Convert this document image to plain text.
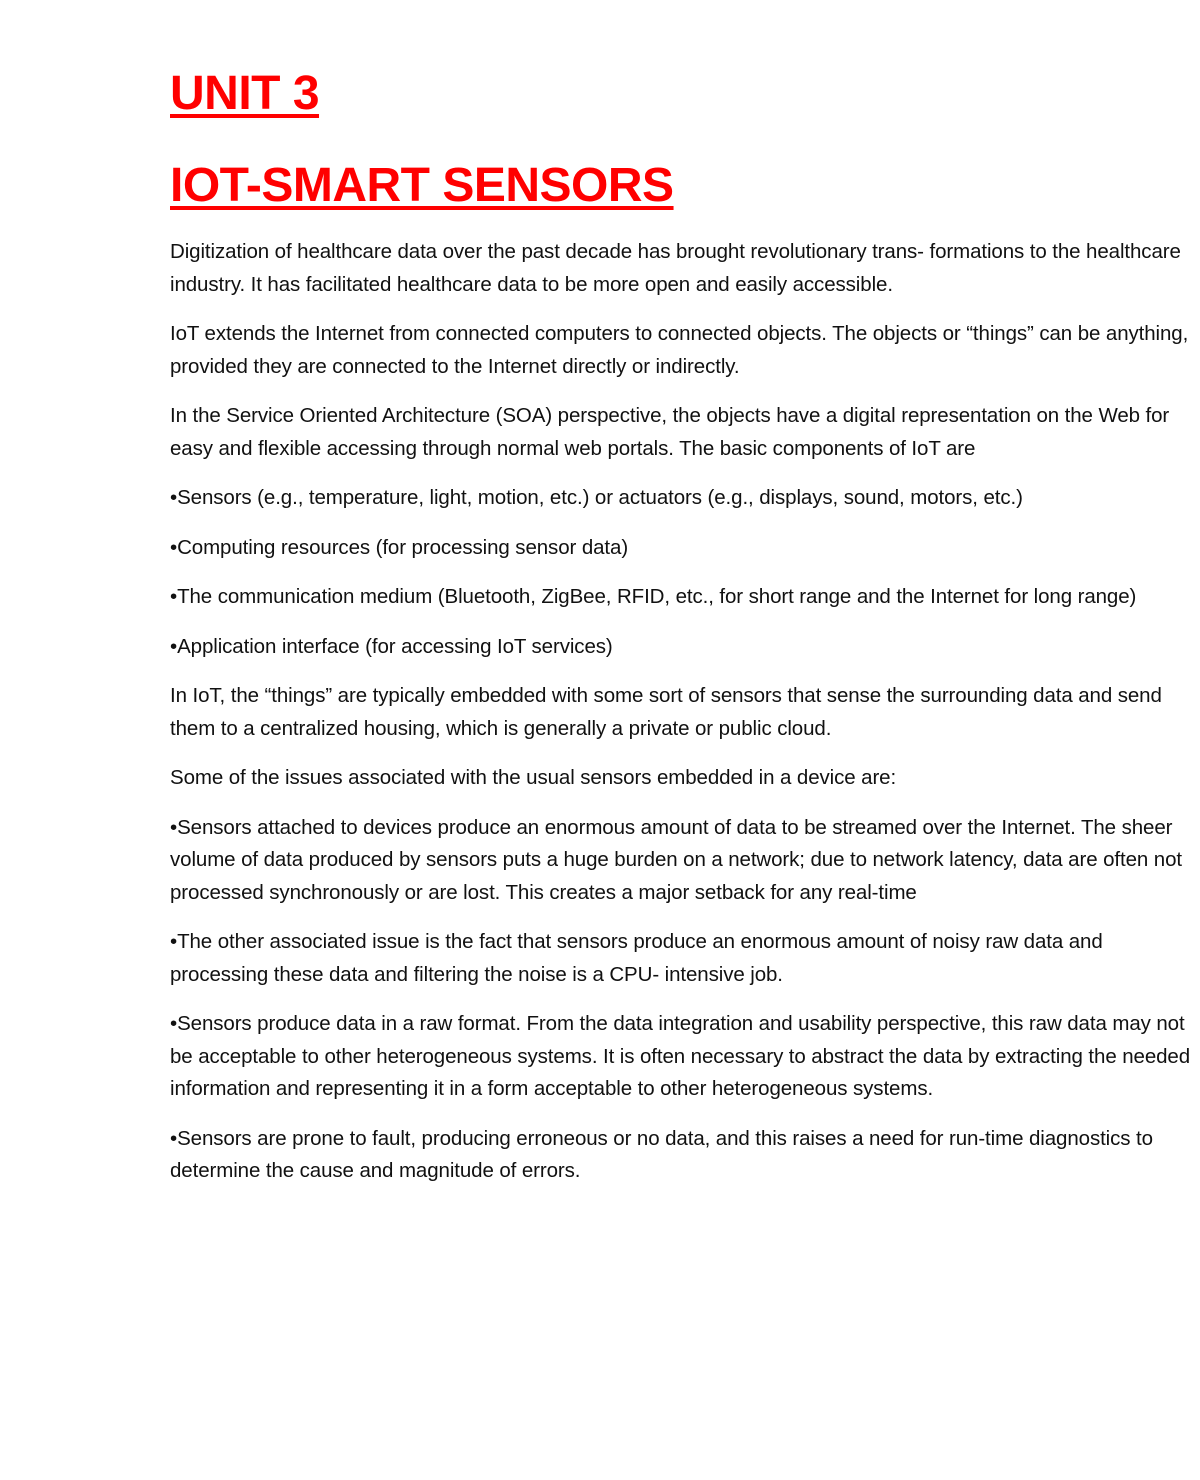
UNIT 3
IOT-SMART SENSORS

Digitization of healthcare data over the past decade has brought revolutionary trans- formations to the healthcare industry. It has facilitated healthcare data to be more open and easily accessible.

IoT extends the Internet from connected computers to connected objects. The objects or “things” can be anything, provided they are connected to the Internet directly or indirectly.

In the Service Oriented Architecture (SOA) perspective, the objects have a digital representation on the Web for easy and flexible accessing through normal web portals. The basic components of IoT are

•Sensors (e.g., temperature, light, motion, etc.) or actuators (e.g., displays, sound, motors, etc.)

•Computing resources (for processing sensor data)

•The communication medium (Bluetooth, ZigBee, RFID, etc., for short range and the Internet for long range)

•Application interface (for accessing IoT services)

In IoT, the “things” are typically embedded with some sort of sensors that sense the surrounding data and send them to a centralized housing, which is generally a private or public cloud.

Some of the issues associated with the usual sensors embedded in a device are:

•Sensors attached to devices produce an enormous amount of data to be streamed over the Internet. The sheer volume of data produced by sensors puts a huge burden on a network; due to network latency, data are often not processed synchronously or are lost. This creates a major setback for any real-time

•The other associated issue is the fact that sensors produce an enormous amount of noisy raw data and processing these data and filtering the noise is a CPU- intensive job.

•Sensors produce data in a raw format. From the data integration and usability perspective, this raw data may not be acceptable to other heterogeneous systems. It is often necessary to abstract the data by extracting the needed information and representing it in a form acceptable to other heterogeneous systems.

•Sensors are prone to fault, producing erroneous or no data, and this raises a need for run-time diagnostics to determine the cause and magnitude of errors.
